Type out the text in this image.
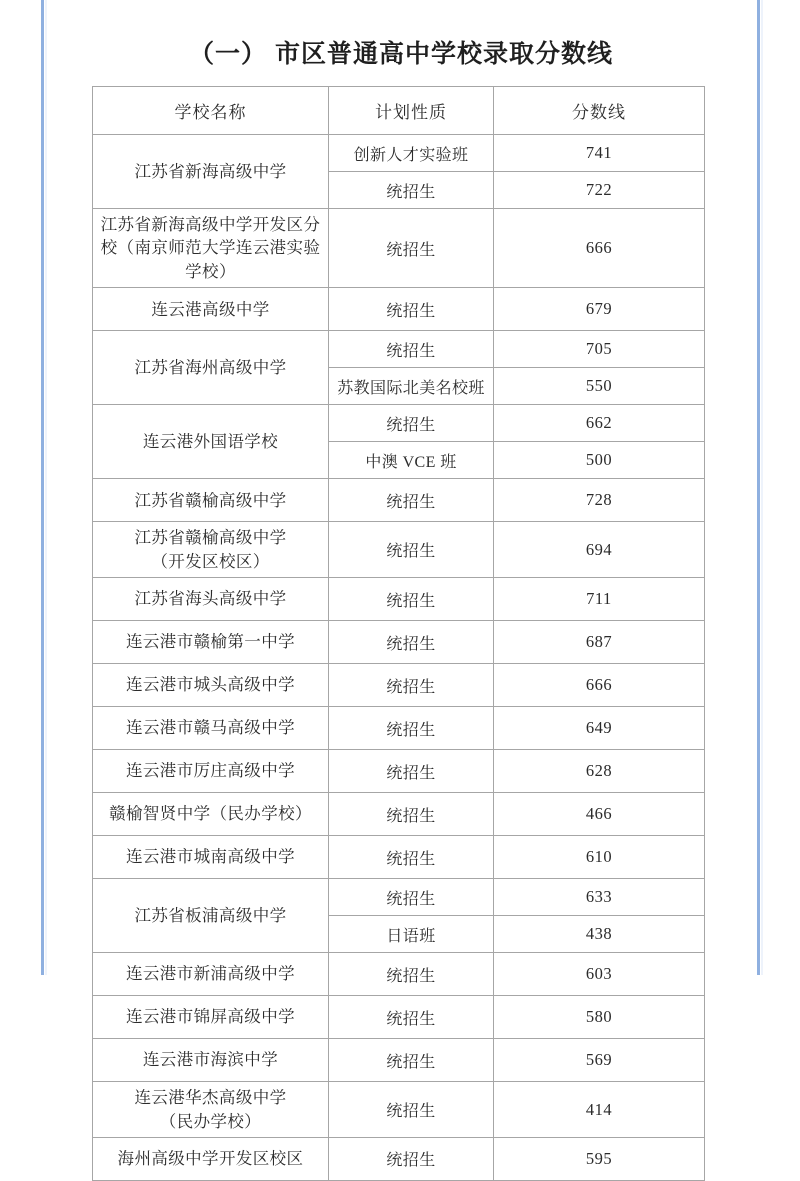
（一） 市区普通高中学校录取分数线
学校名称	计划性质	分数线
江苏省新海高级中学	创新人才实验班	741
	统招生	722
江苏省新海高级中学开发区分
校（南京师范大学连云港实验
学校）	统招生	666
连云港高级中学	统招生	679
江苏省海州高级中学	统招生	705
	苏教国际北美名校班	550
连云港外国语学校	统招生	662
	中澳 VCE 班	500
江苏省赣榆高级中学	统招生	728
江苏省赣榆高级中学
（开发区校区）	统招生	694
江苏省海头高级中学	统招生	711
连云港市赣榆第一中学	统招生	687
连云港市城头高级中学	统招生	666
连云港市赣马高级中学	统招生	649
连云港市厉庄高级中学	统招生	628
赣榆智贤中学（民办学校）	统招生	466
连云港市城南高级中学	统招生	610
江苏省板浦高级中学	统招生	633
	日语班	438
连云港市新浦高级中学	统招生	603
连云港市锦屏高级中学	统招生	580
连云港市海滨中学	统招生	569
连云港华杰高级中学
（民办学校）	统招生	414
海州高级中学开发区校区	统招生	595
